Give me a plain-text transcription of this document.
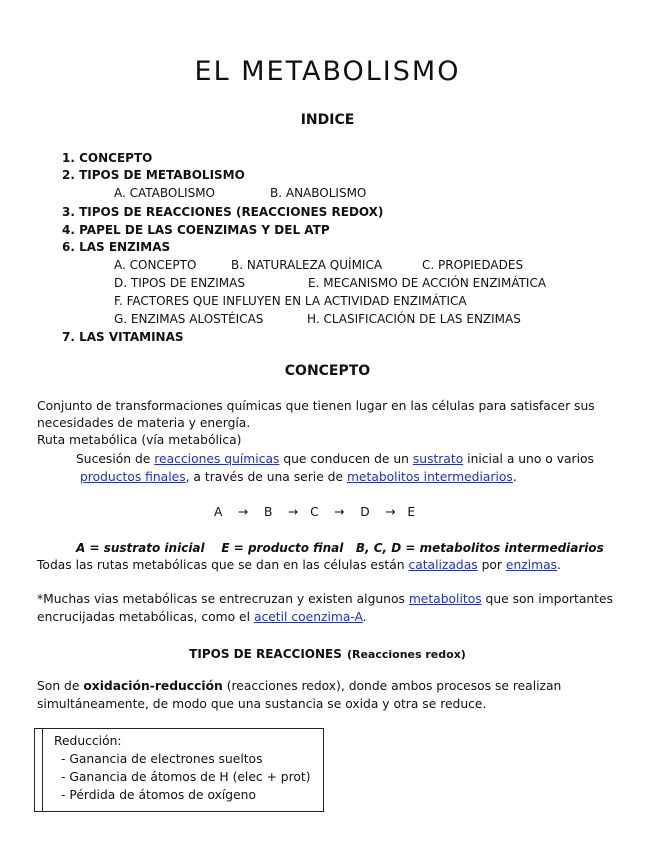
EL METABOLISMO
INDICE
1. CONCEPTO
2. TIPOS DE METABOLISMO
A. CATABOLISMO	B. ANABOLISMO
3. TIPOS DE REACCIONES (REACCIONES REDOX)
4. PAPEL DE LAS COENZIMAS Y DEL ATP
6. LAS ENZIMAS
A. CONCEPTO	B. NATURALEZA QUÍMICA	C. PROPIEDADES
D. TIPOS DE ENZIMAS	E. MECANISMO DE ACCIÓN ENZIMÁTICA
F. FACTORES QUE INFLUYEN EN LA ACTIVIDAD ENZIMÁTICA
G. ENZIMAS ALOSTÉICAS	H. CLASIFICACIÓN DE LAS ENZIMAS
7. LAS VITAMINAS
CONCEPTO
Conjunto de transformaciones químicas que tienen lugar en las células para satisfacer sus
necesidades de materia y energía.
Ruta metabólica (vía metabólica)
Sucesión de reacciones químicas que conducen de un sustrato inicial a uno o varios
productos finales, a través de una serie de metabolitos intermediarios.
A    →    B    →   C    →    D    →   E
A = sustrato inicial    E = producto final   B, C, D = metabolitos intermediarios
Todas las rutas metabólicas que se dan en las células están catalizadas por enzimas.
*Muchas vias metabólicas se entrecruzan y existen algunos metabolitos que son importantes
encrucijadas metabólicas, como el acetil coenzima-A.
TIPOS DE REACCIONES (Reacciones redox)
Son de oxidación-reducción (reacciones redox), donde ambos procesos se realizan
simultáneamente, de modo que una sustancia se oxida y otra se reduce.
Reducción:
- Ganancia de electrones sueltos
- Ganancia de átomos de H (elec + prot)
- Pérdida de átomos de oxígeno
